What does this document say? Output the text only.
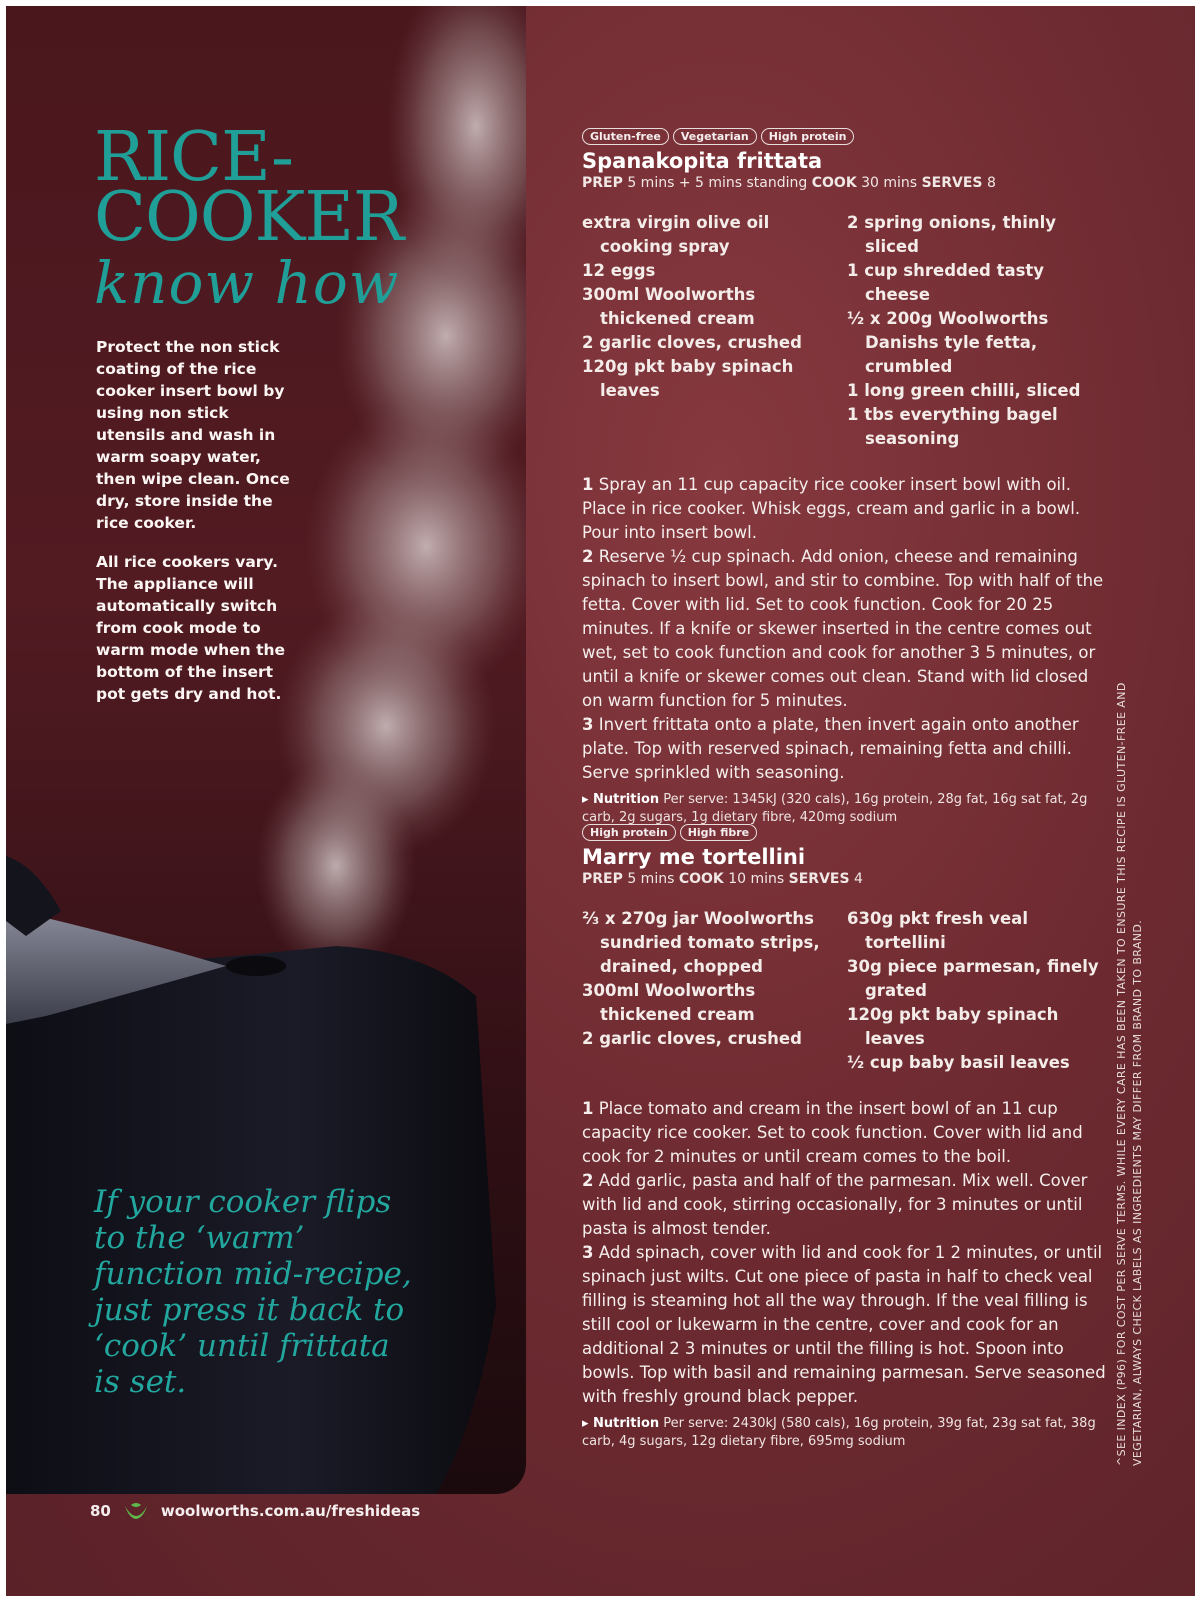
RICE-
COOKER
know how

Protect the non stick coating of the rice cooker insert bowl by using non stick utensils and wash in warm soapy water, then wipe clean. Once dry, store inside the rice cooker.

All rice cookers vary. The appliance will automatically switch from cook mode to warm mode when the bottom of the insert pot gets dry and hot.

If your cooker flips to the ‘warm’ function mid-recipe, just press it back to ‘cook’ until frittata is set.

Gluten-free	Vegetarian	High protein
Spanakopita frittata
PREP 5 mins + 5 mins standing COOK 30 mins SERVES 8
extra virgin olive oil cooking spray
12 eggs
300ml Woolworths thickened cream
2 garlic cloves, crushed
120g pkt baby spinach leaves
2 spring onions, thinly sliced
1 cup shredded tasty cheese
½ x 200g Woolworths Danishs tyle fetta, crumbled
1 long green chilli, sliced
1 tbs everything bagel seasoning

1 Spray an 11 cup capacity rice cooker insert bowl with oil. Place in rice cooker. Whisk eggs, cream and garlic in a bowl. Pour into insert bowl.

2 Reserve ½ cup spinach. Add onion, cheese and remaining spinach to insert bowl, and stir to combine. Top with half of the fetta. Cover with lid. Set to cook function. Cook for 20 25 minutes. If a knife or skewer inserted in the centre comes out wet, set to cook function and cook for another 3 5 minutes, or until a knife or skewer comes out clean. Stand with lid closed on warm function for 5 minutes.

3 Invert frittata onto a plate, then invert again onto another plate. Top with reserved spinach, remaining fetta and chilli. Serve sprinkled with seasoning.

▸ Nutrition Per serve: 1345kJ (320 cals), 16g protein, 28g fat, 16g sat fat, 2g carb, 2g sugars, 1g dietary fibre, 420mg sodium
High protein	High fibre
Marry me tortellini
PREP 5 mins COOK 10 mins SERVES 4
⅔ x 270g jar Woolworths sundried tomato strips, drained, chopped
300ml Woolworths thickened cream
2 garlic cloves, crushed
630g pkt fresh veal tortellini
30g piece parmesan, finely grated
120g pkt baby spinach leaves
½ cup baby basil leaves

1 Place tomato and cream in the insert bowl of an 11 cup capacity rice cooker. Set to cook function. Cover with lid and cook for 2 minutes or until cream comes to the boil.

2 Add garlic, pasta and half of the parmesan. Mix well. Cover with lid and cook, stirring occasionally, for 3 minutes or until pasta is almost tender.

3 Add spinach, cover with lid and cook for 1 2 minutes, or until spinach just wilts. Cut one piece of pasta in half to check veal filling is steaming hot all the way through. If the veal filling is still cool or lukewarm in the centre, cover and cook for an additional 2 3 minutes or until the filling is hot. Spoon into bowls. Top with basil and remaining parmesan. Serve seasoned with freshly ground black pepper.

▸ Nutrition Per serve: 2430kJ (580 cals), 16g protein, 39g fat, 23g sat fat, 38g carb, 4g sugars, 12g dietary fibre, 695mg sodium	^SEE INDEX (P96) FOR COST PER SERVE TERMS. WHILE EVERY CARE HAS BEEN TAKEN TO ENSURE THIS RECIPE IS GLUTEN-FREE AND VEGETARIAN, ALWAYS CHECK LABELS AS INGREDIENTS MAY DIFFER FROM BRAND TO BRAND.
80	woolworths.com.au/freshideas
